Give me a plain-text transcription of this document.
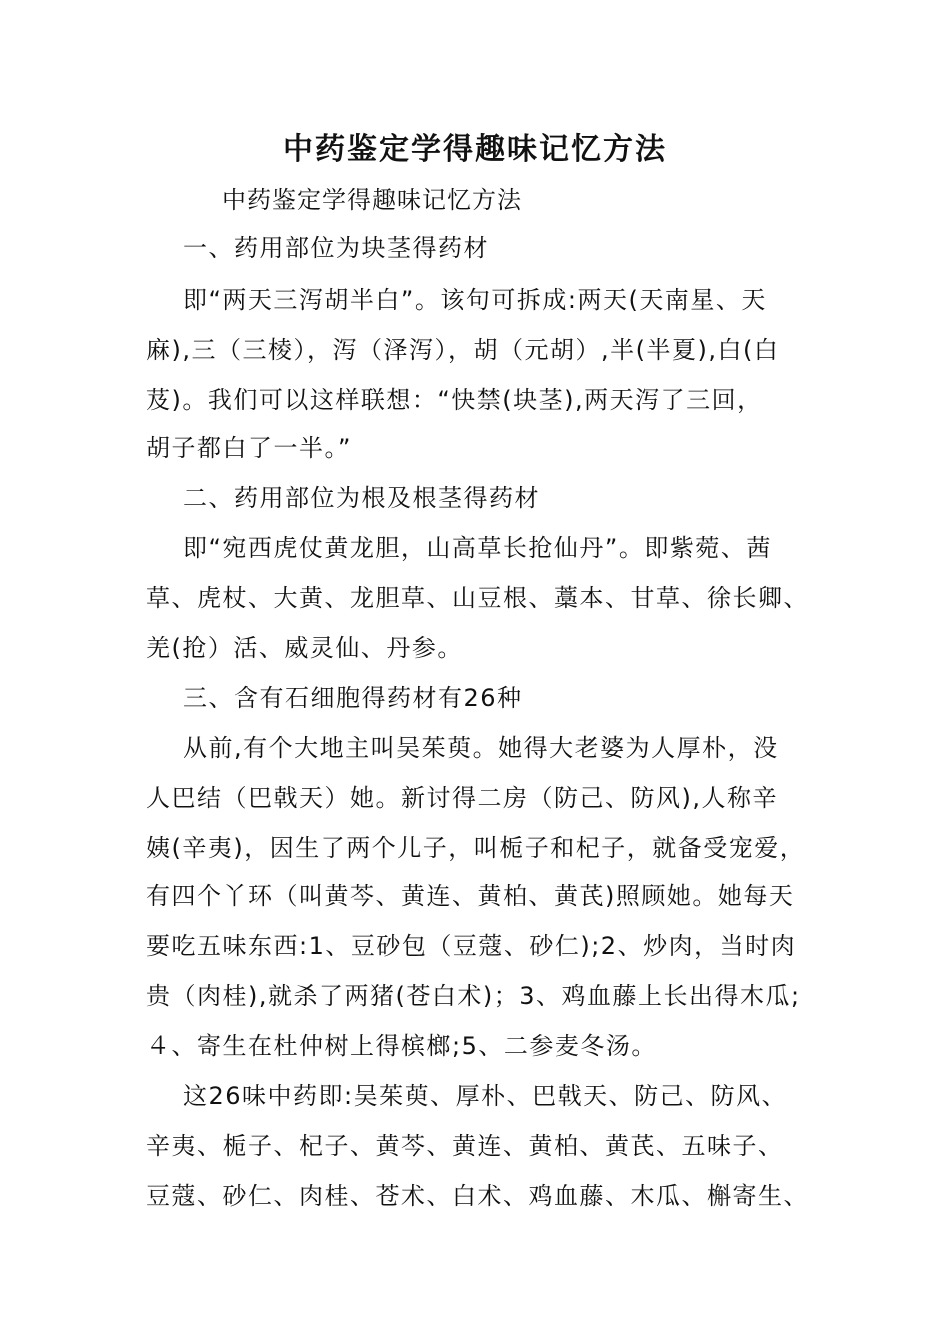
中药鉴定学得趣味记忆方法
中药鉴定学得趣味记忆方法
一、药用部位为块茎得药材
即“两天三泻胡半白”。该句可拆成:两天(天南星、天
麻),三（三棱），泻（泽泻），胡（元胡）,半(半夏),白(白
芨)。我们可以这样联想：“快禁(块茎),两天泻了三回，
胡子都白了一半。”
二、药用部位为根及根茎得药材
即“宛西虎仗黄龙胆，山高草长抢仙丹”。即紫菀、茜
草、虎杖、大黄、龙胆草、山豆根、藁本、甘草、徐长卿、
羌(抢）活、威灵仙、丹参。
三、含有石细胞得药材有26种
从前,有个大地主叫吴茱萸。她得大老婆为人厚朴，没
人巴结（巴戟天）她。新讨得二房（防己、防风),人称辛
姨(辛夷)，因生了两个儿子，叫栀子和杞子，就备受宠爱，
有四个丫环（叫黄芩、黄连、黄柏、黄芪)照顾她。她每天
要吃五味东西:1、豆砂包（豆蔻、砂仁);2、炒肉，当时肉
贵（肉桂),就杀了两猪(苍白术)；3、鸡血藤上长出得木瓜;
４、寄生在杜仲树上得槟榔;5、二参麦冬汤。
这26味中药即:吴茱萸、厚朴、巴戟天、防己、防风、
辛夷、栀子、杞子、黄芩、黄连、黄柏、黄芪、五味子、
豆蔻、砂仁、肉桂、苍术、白术、鸡血藤、木瓜、槲寄生、
